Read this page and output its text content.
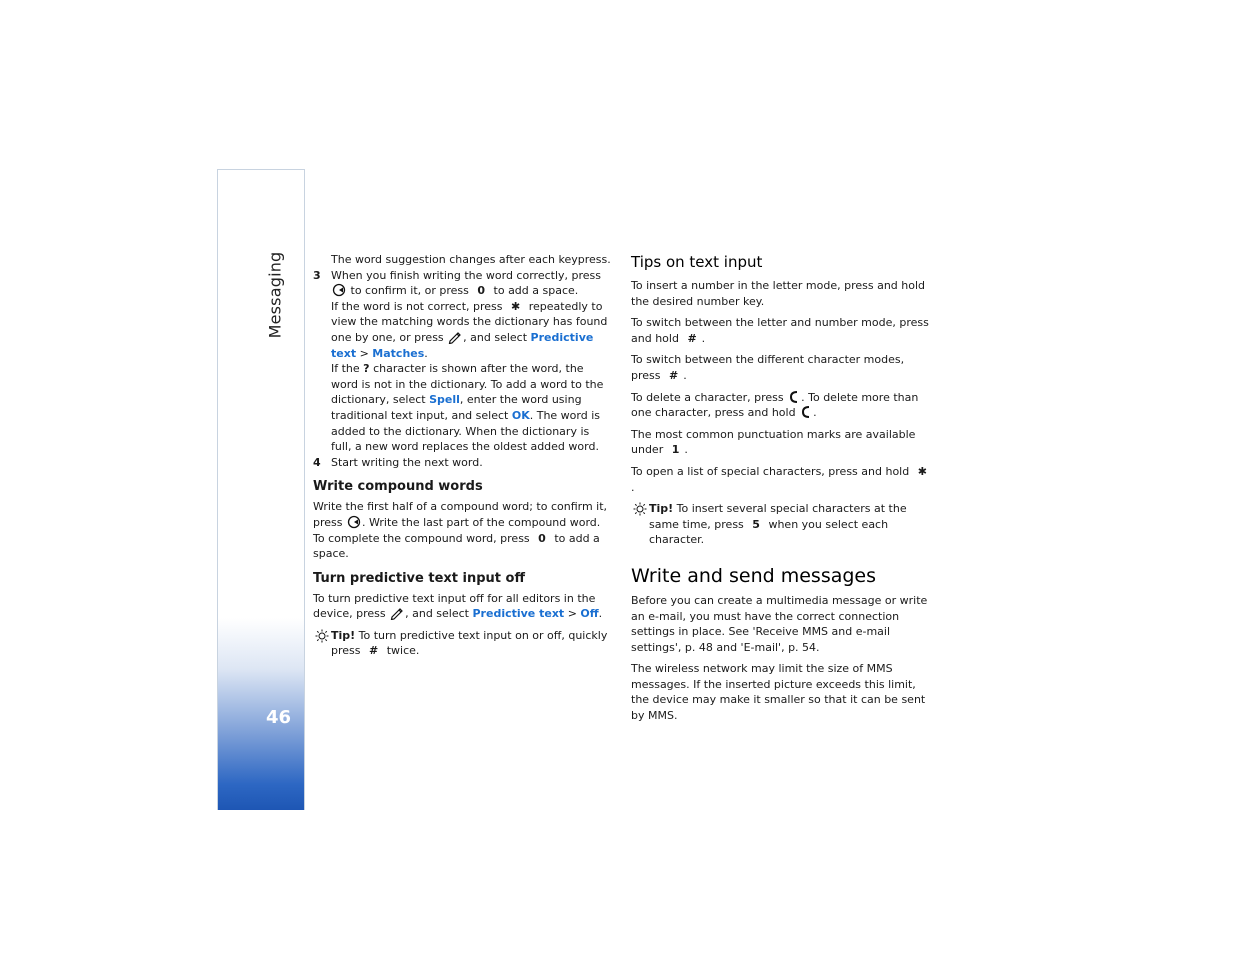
Messaging
46

The word suggestion changes after each keypress.

3 When you finish writing the word correctly, press  to confirm it, or press 0 to add a space.

If the word is not correct, press ✱ repeatedly to view the matching words the dictionary has found one by one, or press , and select Predictive text > Matches.

If the ? character is shown after the word, the word is not in the dictionary. To add a word to the dictionary, select Spell, enter the word using traditional text input, and select OK. The word is added to the dictionary. When the dictionary is full, a new word replaces the oldest added word.

4 Start writing the next word.

Write compound words

Write the first half of a compound word; to confirm it, press . Write the last part of the compound word. To complete the compound word, press 0 to add a space.

Turn predictive text input off

To turn predictive text input off for all editors in the device, press , and select Predictive text > Off.

Tip! To turn predictive text input on or off, quickly press # twice.

Tips on text input

To insert a number in the letter mode, press and hold the desired number key.

To switch between the letter and number mode, press and hold # .

To switch between the different character modes, press # .

To delete a character, press . To delete more than one character, press and hold .

The most common punctuation marks are available under 1 .

To open a list of special characters, press and hold ✱.

Tip! To insert several special characters at the same time, press 5 when you select each character.

Write and send messages

Before you can create a multimedia message or write an e-mail, you must have the correct connection settings in place. See 'Receive MMS and e-mail settings', p. 48 and 'E-mail', p. 54.

The wireless network may limit the size of MMS messages. If the inserted picture exceeds this limit, the device may make it smaller so that it can be sent by MMS.
